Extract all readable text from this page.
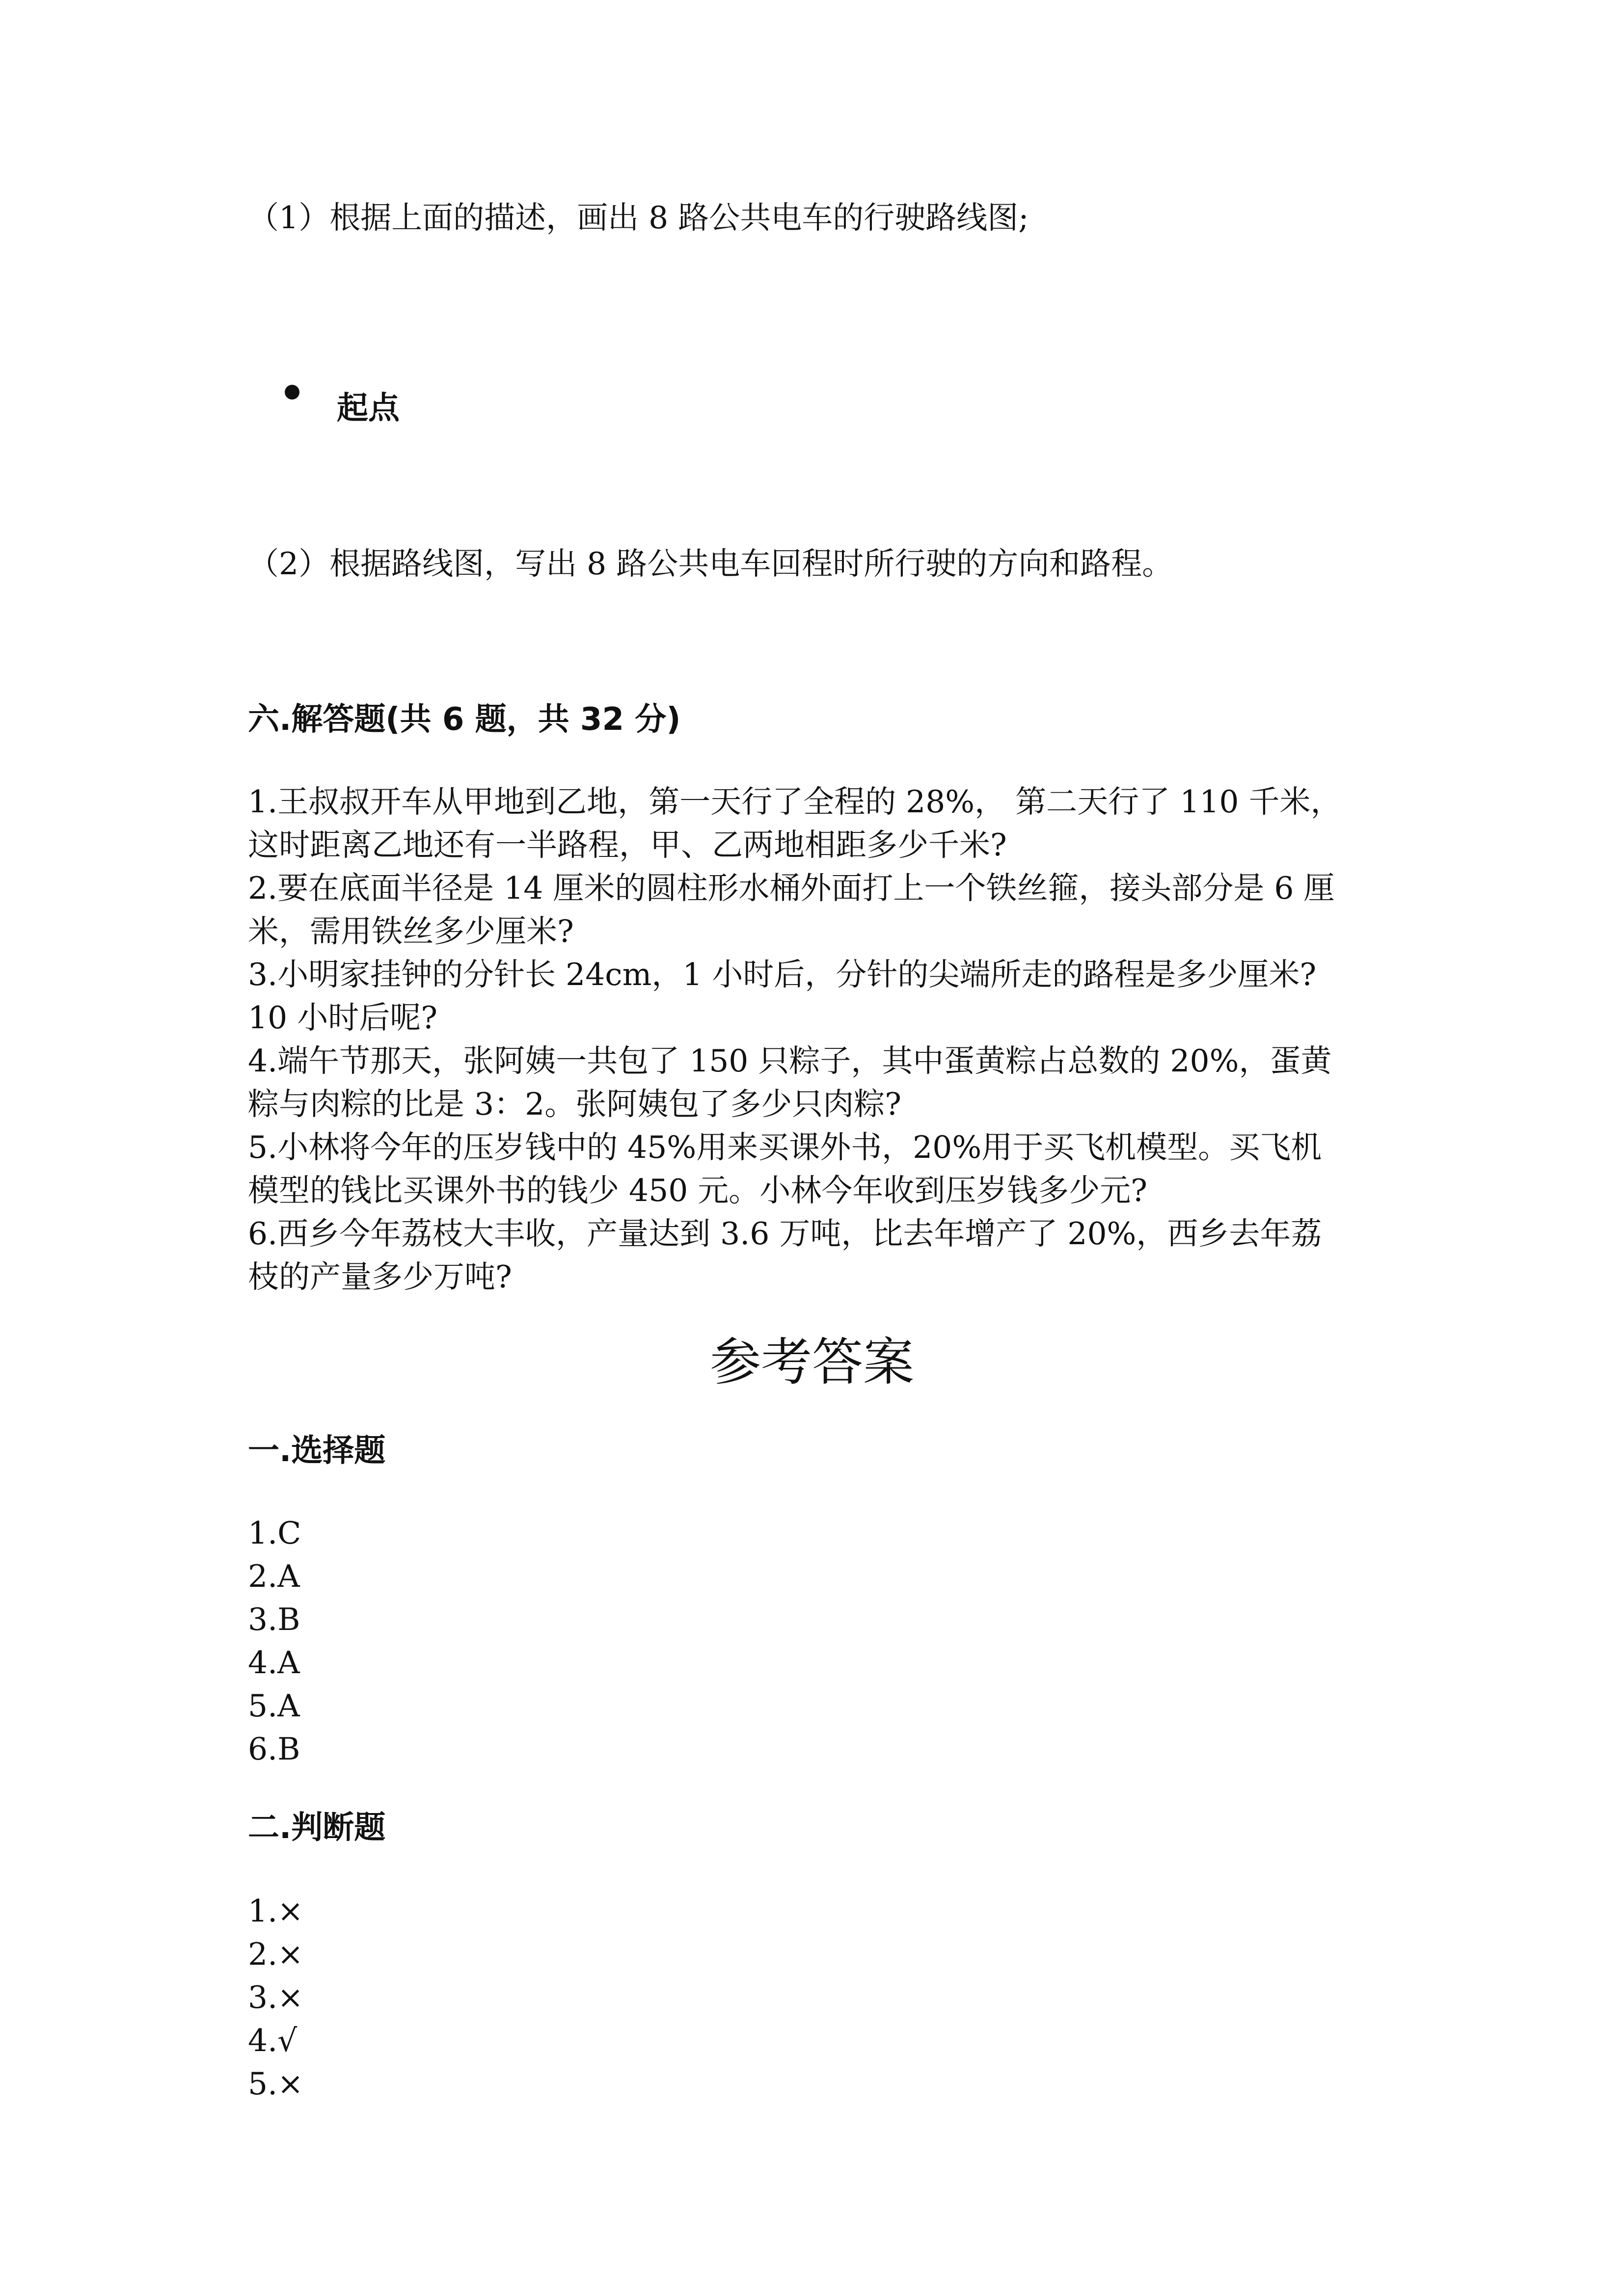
（1）根据上面的描述，画出 8 路公共电车的行驶路线图;
起点
（2）根据路线图，写出 8 路公共电车回程时所行驶的方向和路程。
六.解答题(共 6 题，共 32 分)
1.王叔叔开车从甲地到乙地，第一天行了全程的 28%， 第二天行了 110 千米，
这时距离乙地还有一半路程，甲、乙两地相距多少千米?
2.要在底面半径是 14 厘米的圆柱形水桶外面打上一个铁丝箍，接头部分是 6 厘
米，需用铁丝多少厘米?
3.小明家挂钟的分针长 24cm，1 小时后，分针的尖端所走的路程是多少厘米?
10 小时后呢?
4.端午节那天，张阿姨一共包了 150 只粽子，其中蛋黄粽占总数的 20%，蛋黄
粽与肉粽的比是 3：2。张阿姨包了多少只肉粽?
5.小林将今年的压岁钱中的 45%用来买课外书，20%用于买飞机模型。买飞机
模型的钱比买课外书的钱少 450 元。小林今年收到压岁钱多少元?
6.西乡今年荔枝大丰收，产量达到 3.6 万吨，比去年增产了 20%，西乡去年荔
枝的产量多少万吨?
参考答案
一.选择题
1.C
2.A
3.B
4.A
5.A
6.B
二.判断题
1.×
2.×
3.×
4.√
5.×
